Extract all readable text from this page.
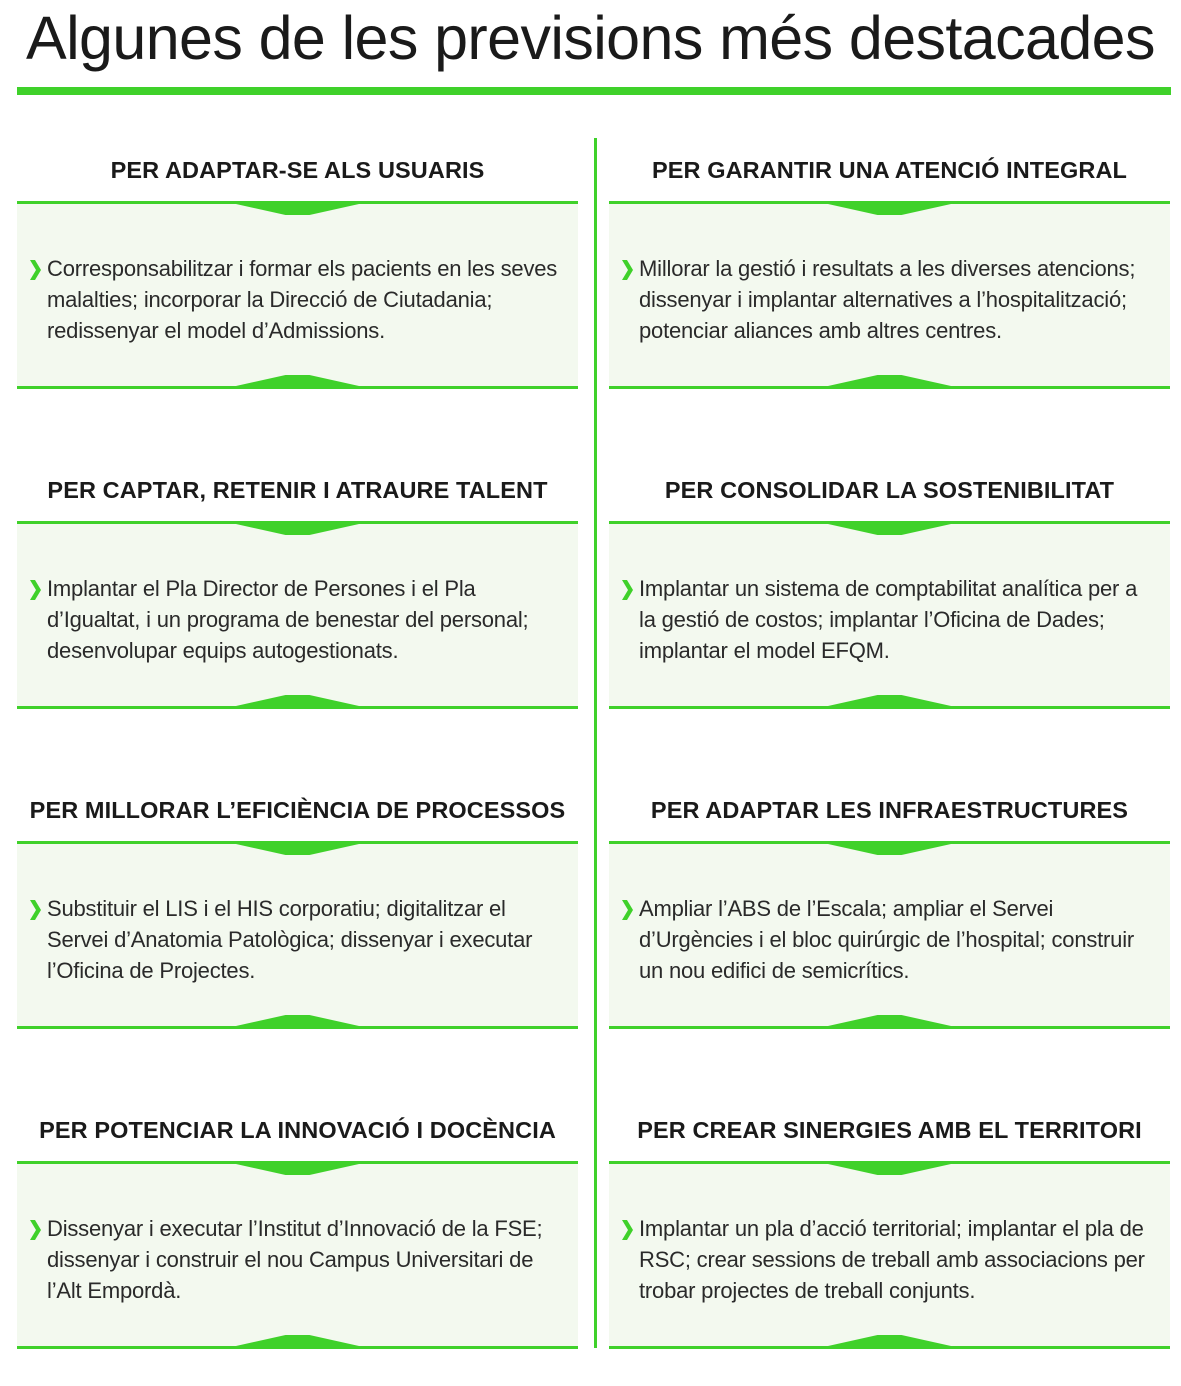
Algunes de les previsions més destacades
PER ADAPTAR-SE ALS USUARIS
Corresponsabilitzar i formar els pacients en les seves malalties; incorporar la Direcció de Ciutadania; redissenyar el model d’Admissions.
PER GARANTIR UNA ATENCIÓ INTEGRAL
Millorar la gestió i resultats a les diverses atencions; dissenyar i implantar alternatives a l’hospitalització; potenciar aliances amb altres centres.
PER CAPTAR, RETENIR I ATRAURE TALENT
Implantar el Pla Director de Persones i el Pla d’Igualtat, i un programa de benestar del personal; desenvolupar equips autogestionats.
PER CONSOLIDAR LA SOSTENIBILITAT
Implantar un sistema de comptabilitat analítica per a la gestió de costos; implantar l’Oficina de Dades; implantar el model EFQM.
PER MILLORAR L’EFICIÈNCIA DE PROCESSOS
Substituir el LIS i el HIS corporatiu; digitalitzar el Servei d’Anatomia Patològica; dissenyar i executar l’Oficina de Projectes.
PER ADAPTAR LES INFRAESTRUCTURES
Ampliar l’ABS de l’Escala; ampliar el Servei d’Urgències i el bloc quirúrgic de l’hospital; construir un nou edifici de semicrítics.
PER POTENCIAR LA INNOVACIÓ I DOCÈNCIA
Dissenyar i executar l’Institut d’Innovació de la FSE; dissenyar i construir el nou Campus Universitari de l’Alt Empordà.
PER CREAR SINERGIES AMB EL TERRITORI
Implantar un pla d’acció territorial; implantar el pla de RSC; crear sessions de treball amb associacions per trobar projectes de treball conjunts.
